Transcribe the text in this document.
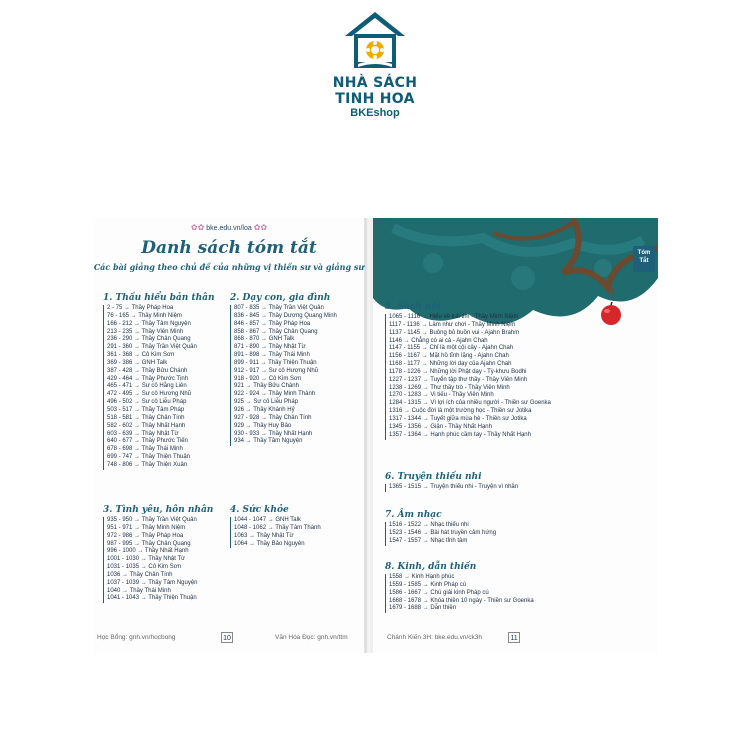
NHÀ SÁCH
TINH HOA
BKEshop
✿✿ bke.edu.vn/loa ✿✿
Danh sách tóm tắt
Các bài giảng theo chủ đề của những vị thiền sư và giảng sư
1. Thấu hiểu bản thân
2 - 75 → Thầy Pháp Hoa
76 - 165 → Thầy Minh Niệm
166 - 212 → Thầy Tâm Nguyện
213 - 235 → Thầy Viên Minh
236 - 290 → Thầy Chân Quang
291 - 360 → Thầy Trần Việt Quân
361 - 368 → Cô Kim Sơn
369 - 386 → GNH Talk
387 - 428 → Thầy Bửu Chánh
429 - 464 → Thầy Phước Tịnh
465 - 471 → Sư cô Hằng Liên
472 - 495 → Sư cô Hương Nhũ
496 - 502 → Sư cô Liễu Pháp
503 - 517 → Thầy Tâm Pháp
518 - 581 → Thầy Chân Tính
582 - 602 → Thầy Nhất Hạnh
603 - 639 → Thầy Nhật Từ
640 - 677 → Thầy Phước Tiến
678 - 698 → Thầy Thái Minh
699 - 747 → Thầy Thiện Thuận
748 - 806 → Thầy Thiện Xuân
2. Dạy con, gia đình
807 - 835 → Thầy Trần Việt Quân
836 - 845 → Thầy Dương Quang Minh
846 - 857 → Thầy Pháp Hoa
858 - 867 → Thầy Chân Quang
868 - 870 → GNH Talk
871 - 890 → Thầy Nhật Từ
891 - 898 → Thầy Thái Minh
899 - 911 → Thầy Thiện Thuận
912 - 917 → Sư cô Hương Nhũ
918 - 920 → Cô Kim Sơn
921 → Thầy Bửu Chánh
922 - 924 → Thầy Minh Thành
925 → Sư cô Liễu Pháp
926 → Thầy Khánh Hỷ
927 - 928 → Thầy Chân Tính
929 → Thầy Huy Bảo
930 - 933 → Thầy Nhất Hạnh
934 → Thầy Tâm Nguyện
3. Tình yêu, hôn nhân
935 - 950 → Thầy Trần Việt Quân
951 - 971 → Thầy Minh Niệm
972 - 986 → Thầy Pháp Hoa
987 - 995 → Thầy Chân Quang
996 - 1000 → Thầy Nhất Hạnh
1001 - 1030 → Thầy Nhật Từ
1031 - 1035 → Cô Kim Sơn
1036 → Thầy Chân Tính
1037 - 1039 → Thầy Tâm Nguyện
1040 → Thầy Thái Minh
1041 - 1043 → Thầy Thiện Thuận
4. Sức khỏe
1044 - 1047 → GNH Talk
1048 - 1062 → Thầy Tâm Thành
1063 → Thầy Nhật Từ
1064 → Thầy Bảo Nguyên
Học Bổng: gnh.vn/hocbong	Văn Hóa Đọc: gnh.vn/ttm
10
Tóm Tắt
5. Sách nói
1065 - 1116 → Hiểu về trái tim - Thầy Minh Niệm
1117 - 1136 → Làm như chơi - Thầy Minh Niệm
1137 - 1145 → Buông bỏ buồn vui - Ajahn Brahm
1146 → Chẳng có ai cả - Ajahn Chah
1147 - 1155 → Chỉ là một cội cây - Ajahn Chah
1156 - 1167 → Mặt hồ tĩnh lặng - Ajahn Chah
1168 - 1177 → Những lời dạy của Ajahn Chah
1178 - 1226 → Những lời Phật dạy - Tỳ-khưu Bodhi
1227 - 1237 → Tuyển tập thư thầy - Thầy Viên Minh
1238 - 1269 → Thư thầy trò - Thầy Viên Minh
1270 - 1283 → Vi tiếu - Thầy Viên Minh
1284 - 1315 → Vì lợi ích của nhiều người - Thiền sư Goenka
1316 → Cuộc đời là một trường học - Thiền sư Jotika
1317 - 1344 → Tuyết giữa mùa hè - Thiền sư Jotika
1345 - 1356 → Giận - Thầy Nhất Hạnh
1357 - 1364 → Hạnh phúc cầm tay - Thầy Nhất Hạnh
6. Truyện thiếu nhi
1365 - 1515 → Truyện thiếu nhi - Truyện vì nhân
7. Âm nhạc
1516 - 1522 → Nhạc thiếu nhi
1523 - 1546 → Bài hát truyền cảm hứng
1547 - 1557 → Nhạc tỉnh tâm
8. Kinh, dẫn thiền
1558 → Kinh Hạnh phúc
1559 - 1585 → Kinh Pháp cú
1586 - 1667 → Chú giải kinh Pháp cú
1668 - 1678 → Khóa thiền 10 ngày - Thiền sư Goenka
1679 - 1688 → Dẫn thiền
Chánh Kiến 3H: bke.edu.vn/ck3h	11
